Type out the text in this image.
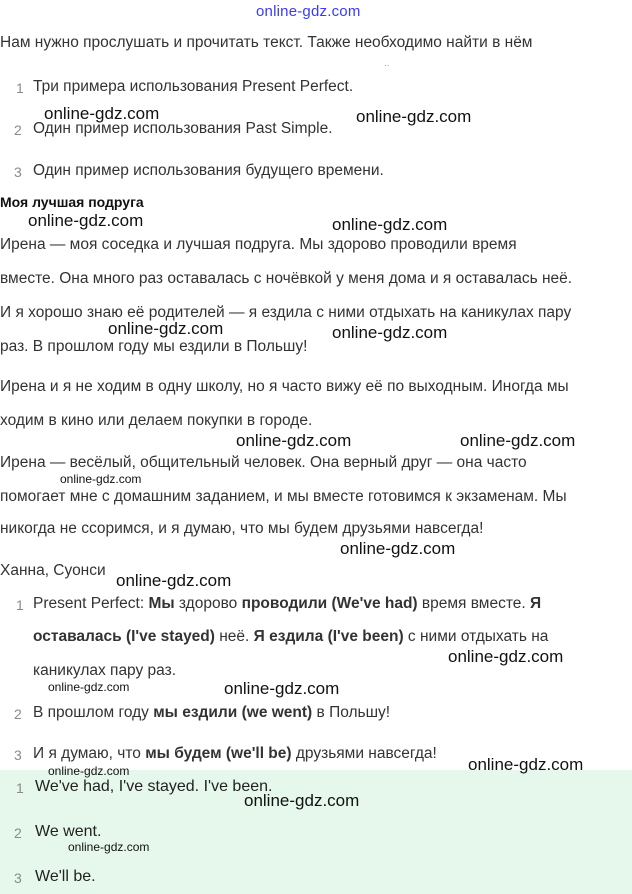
online-gdz.com
Нам нужно прослушать и прочитать текст. Также необходимо найти в нём
..
1 Три примера использования Present Perfect.
2 Один пример использования Past Simple.
3 Один пример использования будущего времени.
Моя лучшая подруга
Ирена — моя соседка и лучшая подруга. Мы здорово проводили время
вместе. Она много раз оставалась с ночёвкой у меня дома и я оставалась неё.
И я хорошо знаю её родителей — я ездила с ними отдыхать на каникулах пару
раз. В прошлом году мы ездили в Польшу!
Ирена и я не ходим в одну школу, но я часто вижу её по выходным. Иногда мы
ходим в кино или делаем покупки в городе.
Ирена — весёлый, общительный человек. Она верный друг — она часто
помогает мне с домашним заданием, и мы вместе готовимся к экзаменам. Мы
никогда не ссоримся, и я думаю, что мы будем друзьями навсегда!
Ханна, Суонси
1 Present Perfect: Мы здорово проводили (We've had) время вместе. Я
оставалась (I've stayed) неё. Я ездила (I've been) с ними отдыхать на
каникулах пару раз.
2 В прошлом году мы ездили (we went) в Польшу!
3 И я думаю, что мы будем (we'll be) друзьями навсегда!
1 We've had, I've stayed. I've been.
2 We went.
3 We'll be.
online-gdz.com	online-gdz.com
online-gdz.com	online-gdz.com
online-gdz.com	online-gdz.com
online-gdz.com	online-gdz.com
online-gdz.com
online-gdz.com
online-gdz.com
online-gdz.com
online-gdz.com	online-gdz.com
online-gdz.com
online-gdz.com
online-gdz.com
online-gdz.com
